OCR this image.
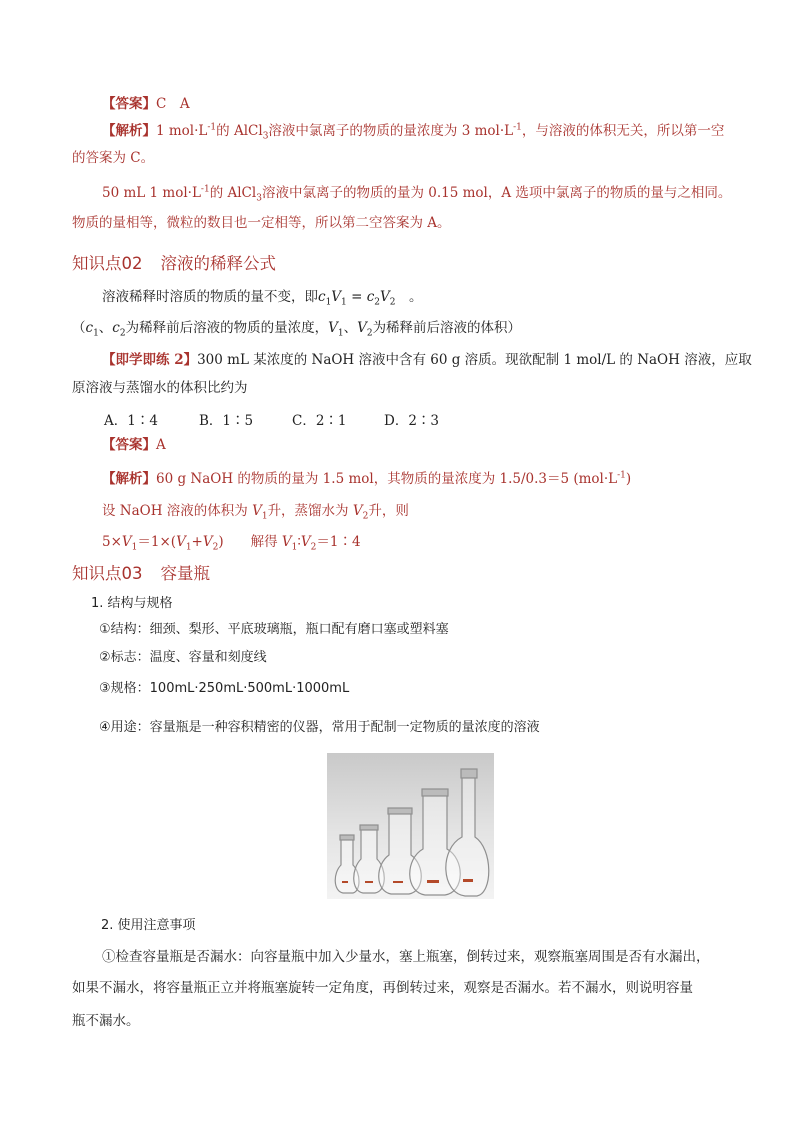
【答案】C　A
【解析】1 $mol\cdot L^{-1}$的 AlCl$_3$溶液中氯离子的物质的量浓度为 3 $mol\cdot L^{-1}$，与溶液的体积无关，所以第一空
的答案为 C。
50 mL 1 $mol\cdot L^{-1}$的 AlCl$_3$溶液中氯离子的物质的量为 0.15 mol，A 选项中氯离子的物质的量与之相同。
物质的量相等，微粒的数目也一定相等，所以第二空答案为 A。
知识点02 溶液的稀释公式
溶液稀释时溶质的物质的量不变，即$c_1V_1 = c_2V_2$　。
（$c_1$、$c_2$为稀释前后溶液的物质的量浓度，$V_1$、$V_2$为稀释前后溶液的体积）
【即学即练 2】300 mL 某浓度的 NaOH 溶液中含有 60 g 溶质。现欲配制 1 mol/L 的 NaOH 溶液，应取
原溶液与蒸馏水的体积比约为
A．1∶4	B．1∶5	C．2∶1	D．2∶3
【答案】A
【解析】60 g NaOH 的物质的量为 1.5 mol，其物质的量浓度为 1.5/0.3＝5 $(mol\cdot L^{-1})$
设 NaOH 溶液的体积为 $V_1$升，蒸馏水为 $V_2$升，则
$5\times V_1=1\times(V_1+V_2)$　　解得 $V_1∶V_2=1∶4$
知识点03 容量瓶
1. 结构与规格
①结构：细颈、梨形、平底玻璃瓶，瓶口配有磨口塞或塑料塞
②标志：温度、容量和刻度线
③规格：100mL·250mL·500mL·1000mL
④用途：容量瓶是一种容积精密的仪器，常用于配制一定物质的量浓度的溶液
2. 使用注意事项
①检查容量瓶是否漏水：向容量瓶中加入少量水，塞上瓶塞，倒转过来，观察瓶塞周围是否有水漏出，
如果不漏水，将容量瓶正立并将瓶塞旋转一定角度，再倒转过来，观察是否漏水。若不漏水，则说明容量
瓶不漏水。
